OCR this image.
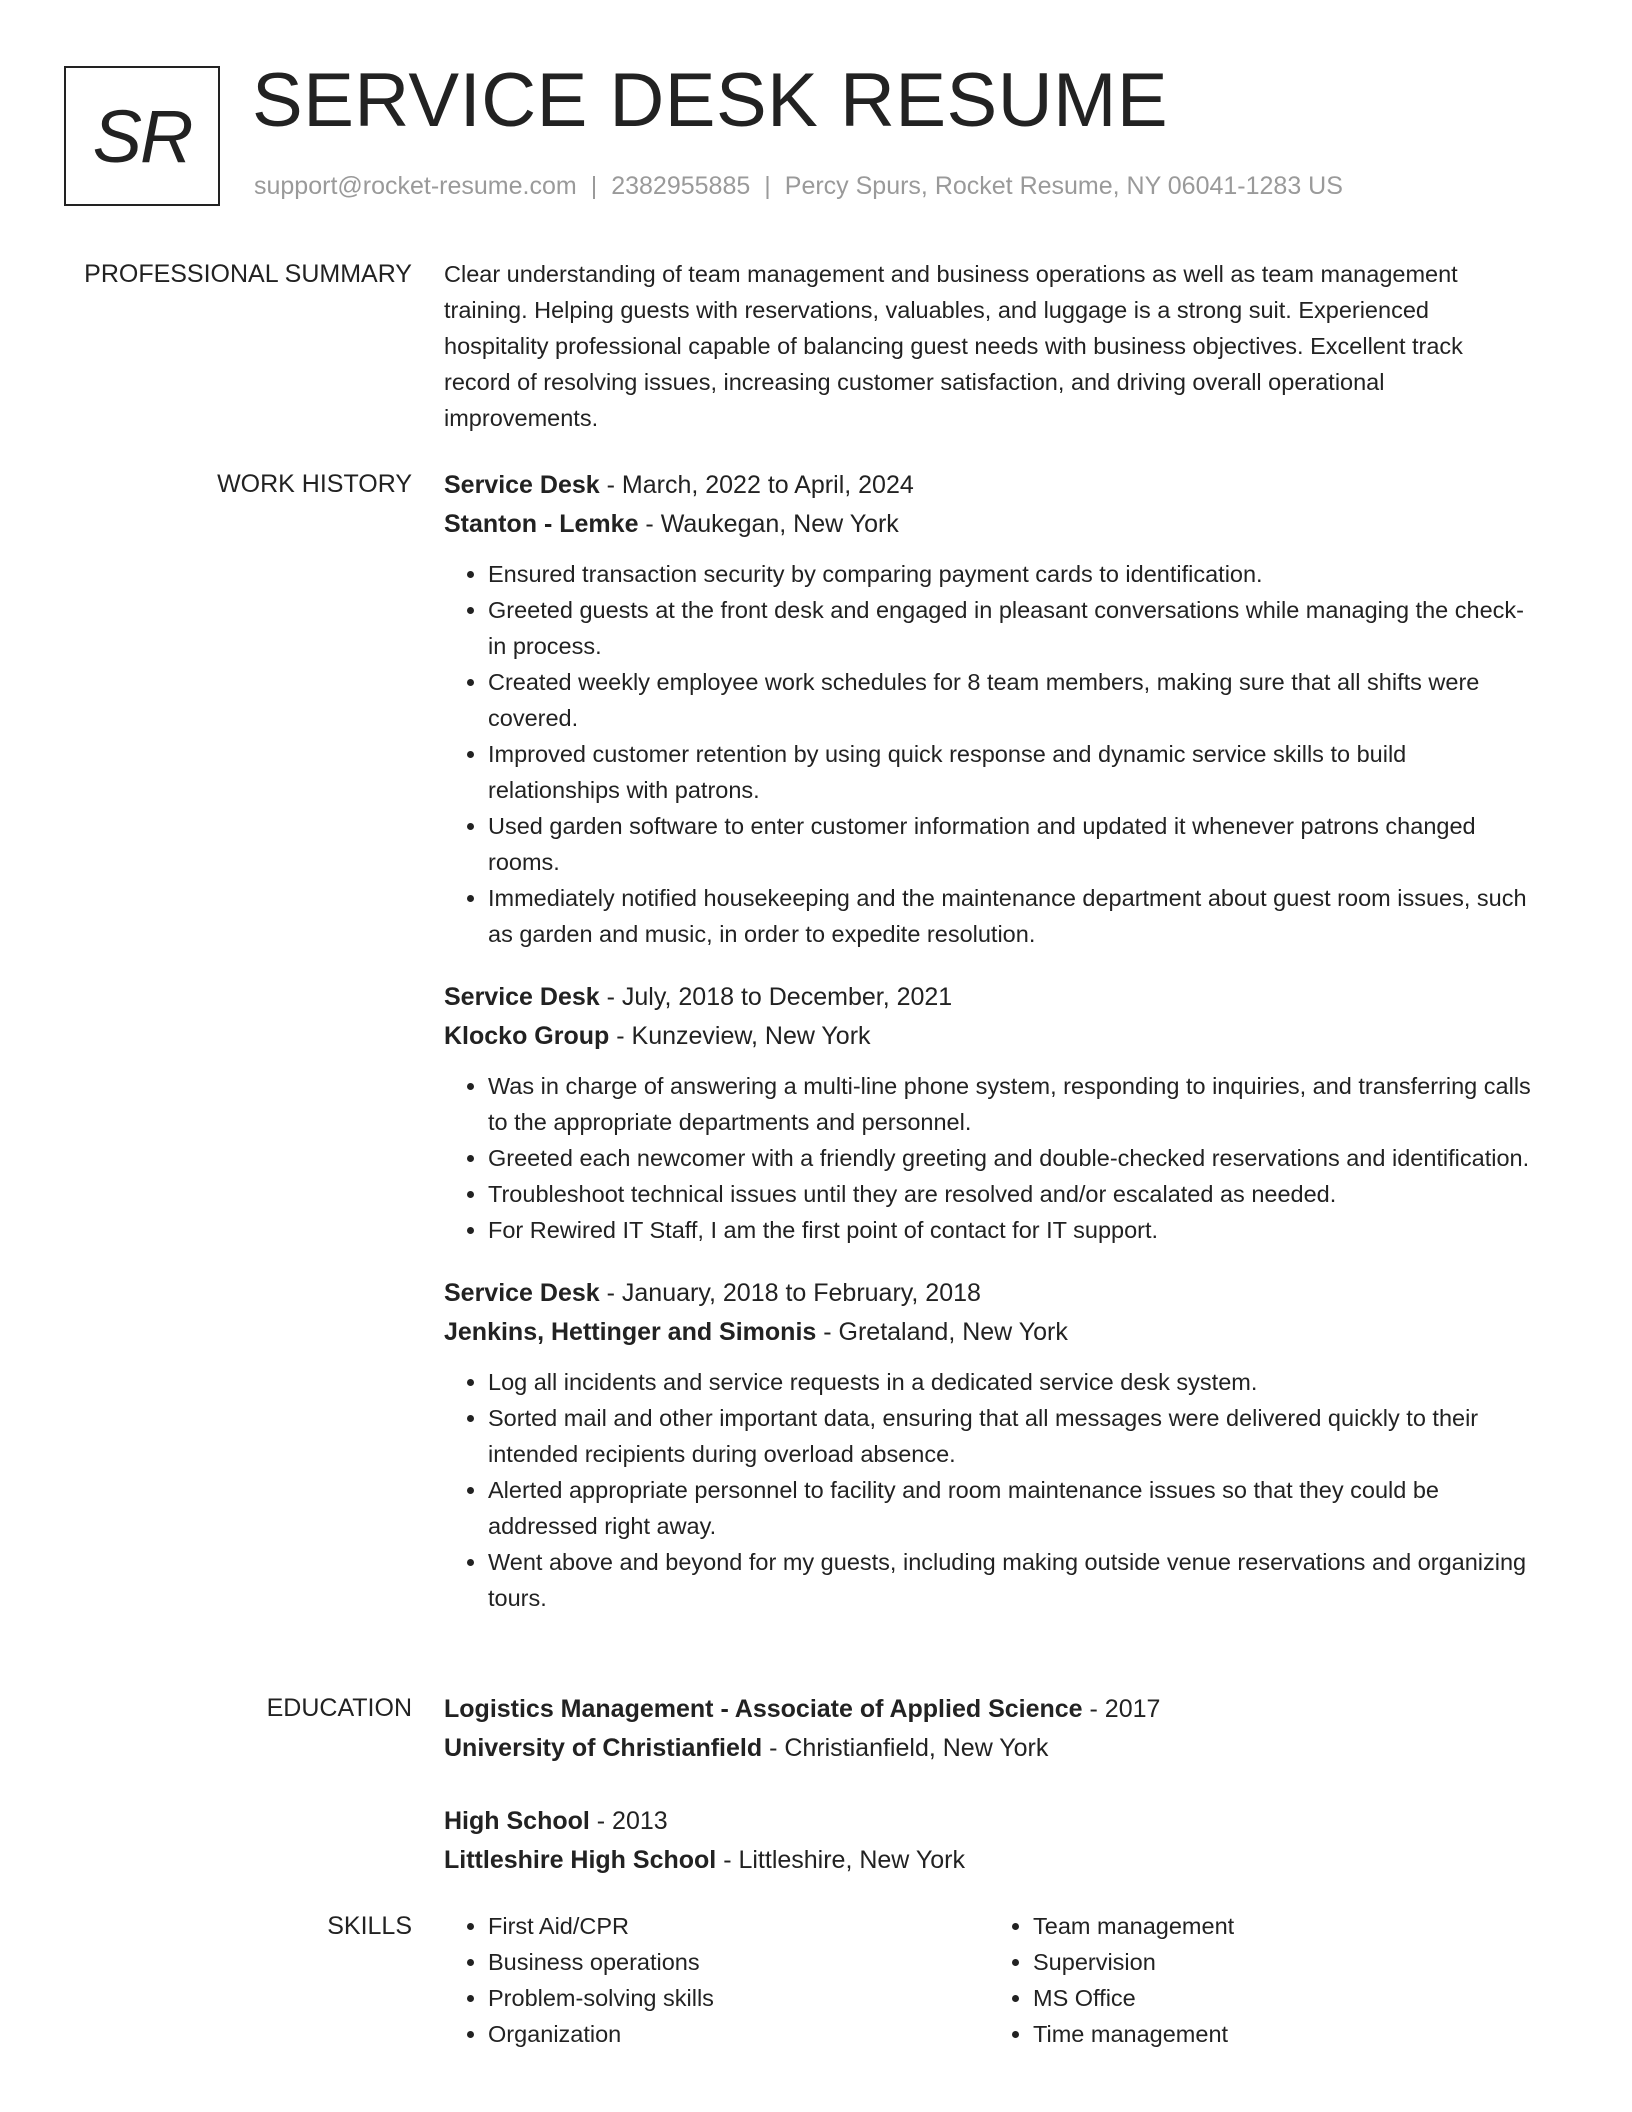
SR SERVICE DESK RESUME
support@rocket-resume.com | 2382955885 | Percy Spurs, Rocket Resume, NY 06041-1283 US
PROFESSIONAL SUMMARY Clear understanding of team management and business operations as well as team management training. Helping guests with reservations, valuables, and luggage is a strong suit. Experienced hospitality professional capable of balancing guest needs with business objectives. Excellent track record of resolving issues, increasing customer satisfaction, and driving overall operational improvements.

WORK HISTORY Service Desk - March, 2022 to April, 2024
Stanton - Lemke - Waukegan, New York
• Ensured transaction security by comparing payment cards to identification.
• Greeted guests at the front desk and engaged in pleasant conversations while managing the check-in process.
• Created weekly employee work schedules for 8 team members, making sure that all shifts were covered.
• Improved customer retention by using quick response and dynamic service skills to build relationships with patrons.
• Used garden software to enter customer information and updated it whenever patrons changed rooms.
• Immediately notified housekeeping and the maintenance department about guest room issues, such as garden and music, in order to expedite resolution.
Service Desk - July, 2018 to December, 2021
Klocko Group - Kunzeview, New York
• Was in charge of answering a multi-line phone system, responding to inquiries, and transferring calls to the appropriate departments and personnel.
• Greeted each newcomer with a friendly greeting and double-checked reservations and identification.
• Troubleshoot technical issues until they are resolved and/or escalated as needed.
• For Rewired IT Staff, I am the first point of contact for IT support.
Service Desk - January, 2018 to February, 2018
Jenkins, Hettinger and Simonis - Gretaland, New York
• Log all incidents and service requests in a dedicated service desk system.
• Sorted mail and other important data, ensuring that all messages were delivered quickly to their intended recipients during overload absence.
• Alerted appropriate personnel to facility and room maintenance issues so that they could be addressed right away.
• Went above and beyond for my guests, including making outside venue reservations and organizing tours.
EDUCATION Logistics Management - Associate of Applied Science - 2017
University of Christianfield - Christianfield, New York
High School - 2013
Littleshire High School - Littleshire, New York
SKILLS
•	First Aid/CPR
• Business operations
• Problem-solving skills
• Organization
• Team management
• Supervision
• MS Office
• Time management
